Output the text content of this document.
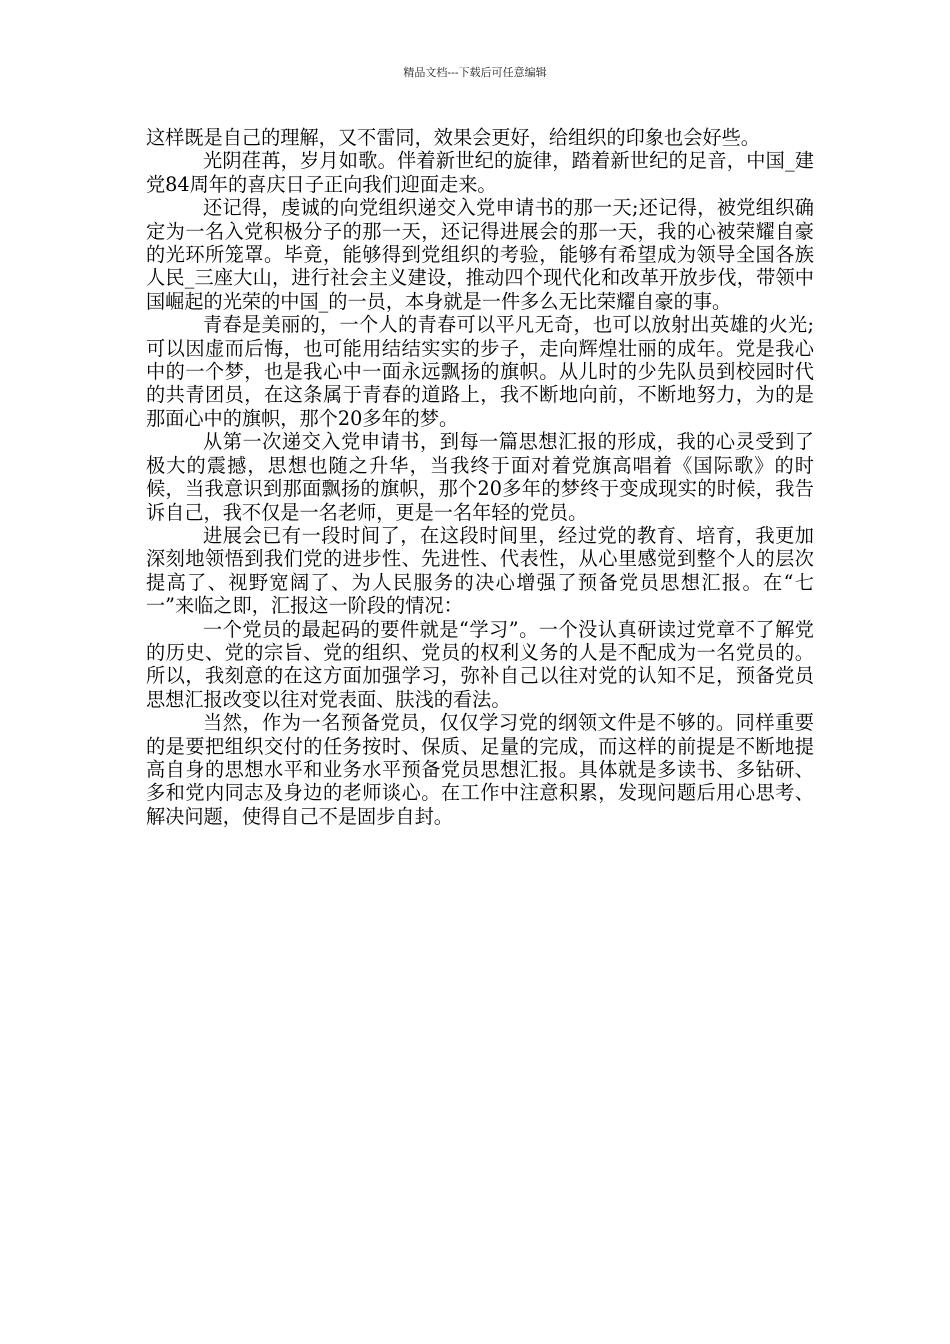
精品文档---下载后可任意编辑

这样既是自己的理解，又不雷同，效果会更好，给组织的印象也会好些。

光阴荏苒，岁月如歌。伴着新世纪的旋律，踏着新世纪的足音，中国_建党84周年的喜庆日子正向我们迎面走来。

还记得，虔诚的向党组织递交入党申请书的那一天;还记得，被党组织确定为一名入党积极分子的那一天，还记得进展会的那一天，我的心被荣耀自豪的光环所笼罩。毕竟，能够得到党组织的考验，能够有希望成为领导全国各族人民_三座大山，进行社会主义建设，推动四个现代化和改革开放步伐，带领中国崛起的光荣的中国_的一员，本身就是一件多么无比荣耀自豪的事。

青春是美丽的，一个人的青春可以平凡无奇，也可以放射出英雄的火光;可以因虚而后悔，也可能用结结实实的步子，走向辉煌壮丽的成年。党是我心中的一个梦，也是我心中一面永远飘扬的旗帜。从儿时的少先队员到校园时代的共青团员，在这条属于青春的道路上，我不断地向前，不断地努力，为的是那面心中的旗帜，那个20多年的梦。

从第一次递交入党申请书，到每一篇思想汇报的形成，我的心灵受到了极大的震撼，思想也随之升华，当我终于面对着党旗高唱着《国际歌》的时候，当我意识到那面飘扬的旗帜，那个20多年的梦终于变成现实的时候，我告诉自己，我不仅是一名老师，更是一名年轻的党员。

进展会已有一段时间了，在这段时间里，经过党的教育、培育，我更加深刻地领悟到我们党的进步性、先进性、代表性，从心里感觉到整个人的层次提高了、视野宽阔了、为人民服务的决心增强了预备党员思想汇报。在“七一”来临之即，汇报这一阶段的情况：

一个党员的最起码的要件就是“学习”。一个没认真研读过党章不了解党的历史、党的宗旨、党的组织、党员的权利义务的人是不配成为一名党员的。所以，我刻意的在这方面加强学习，弥补自己以往对党的认知不足，预备党员思想汇报改变以往对党表面、肤浅的看法。

当然，作为一名预备党员，仅仅学习党的纲领文件是不够的。同样重要的是要把组织交付的任务按时、保质、足量的完成，而这样的前提是不断地提高自身的思想水平和业务水平预备党员思想汇报。具体就是多读书、多钻研、多和党内同志及身边的老师谈心。在工作中注意积累，发现问题后用心思考、解决问题，使得自己不是固步自封。
